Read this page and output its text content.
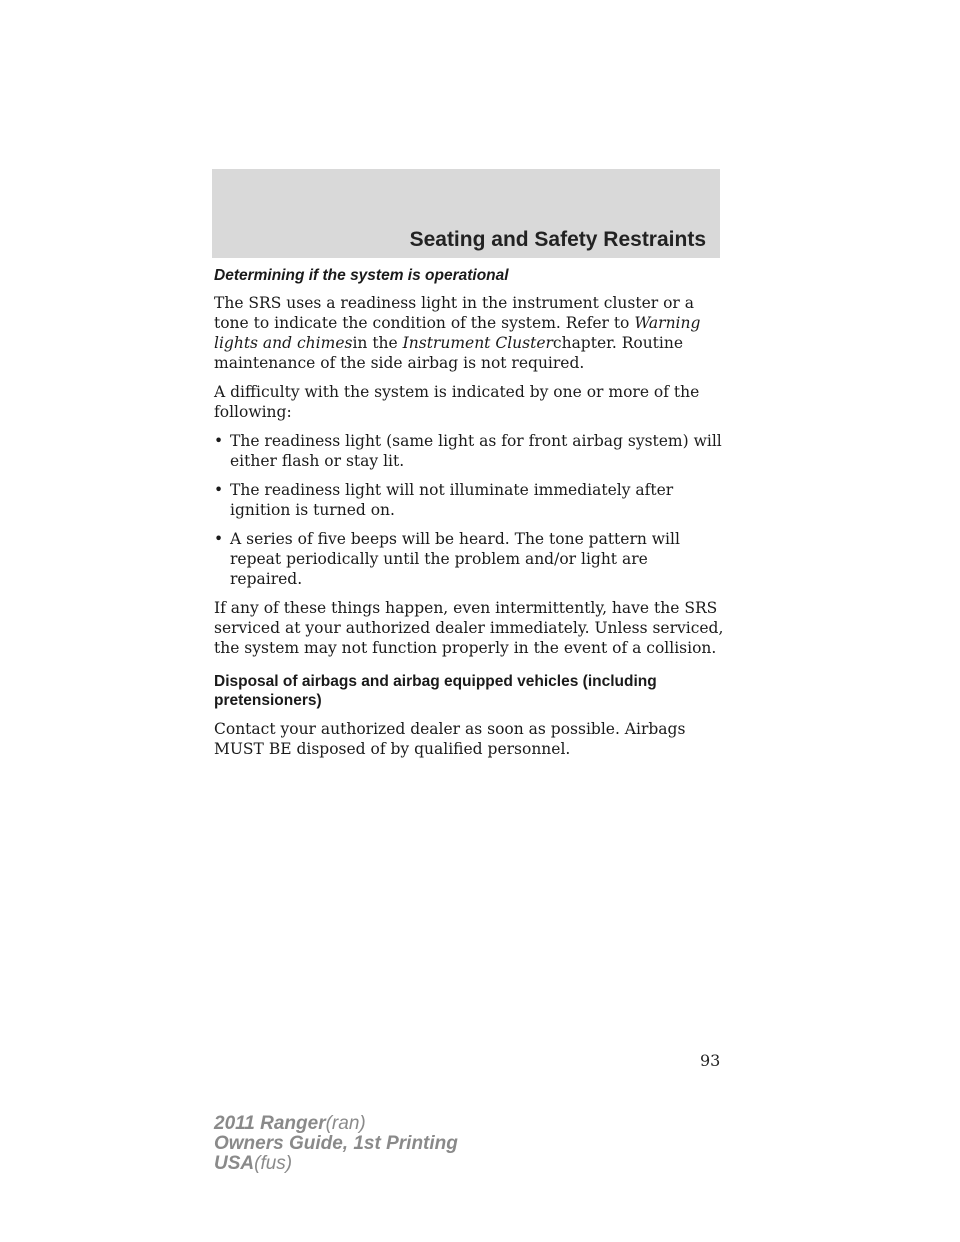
Seating and Safety Restraints
Determining if the system is operational

The SRS uses a readiness light in the instrument cluster or a tone to indicate the condition of the system. Refer to Warning lights and chimesin the Instrument Clusterchapter. Routine maintenance of the side airbag is not required.

A difficulty with the system is indicated by one or more of the following:

• The readiness light (same light as for front airbag system) will either flash or stay lit.
• The readiness light will not illuminate immediately after ignition is turned on.
• A series of five beeps will be heard. The tone pattern will repeat periodically until the problem and/or light are repaired.

If any of these things happen, even intermittently, have the SRS serviced at your authorized dealer immediately. Unless serviced, the system may not function properly in the event of a collision.

Disposal of airbags and airbag equipped vehicles (including pretensioners)

Contact your authorized dealer as soon as possible. Airbags MUST BE disposed of by qualified personnel.

93
2011 Ranger(ran)
Owners Guide, 1st Printing
USA(fus)
